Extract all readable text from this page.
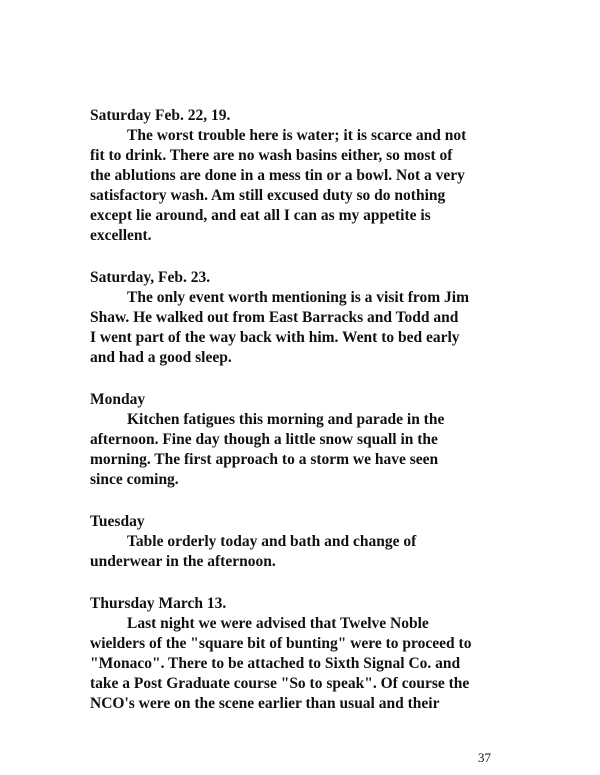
Saturday Feb. 22, 19.

The worst trouble here is water; it is scarce and not

fit to drink. There are no wash basins either, so most of

the ablutions are done in a mess tin or a bowl. Not a very

satisfactory wash. Am still excused duty so do nothing

except lie around, and eat all I can as my appetite is

excellent.

Saturday, Feb. 23.

The only event worth mentioning is a visit from Jim

Shaw. He walked out from East Barracks and Todd and

I went part of the way back with him. Went to bed early

and had a good sleep.

Monday

Kitchen fatigues this morning and parade in the

afternoon. Fine day though a little snow squall in the

morning. The first approach to a storm we have seen

since coming.

Tuesday

Table orderly today and bath and change of

underwear in the afternoon.

Thursday March 13.

Last night we were advised that Twelve Noble

wielders of the "square bit of bunting" were to proceed to

"Monaco". There to be attached to Sixth Signal Co. and

take a Post Graduate course "So to speak". Of course the

NCO's were on the scene earlier than usual and their

37
